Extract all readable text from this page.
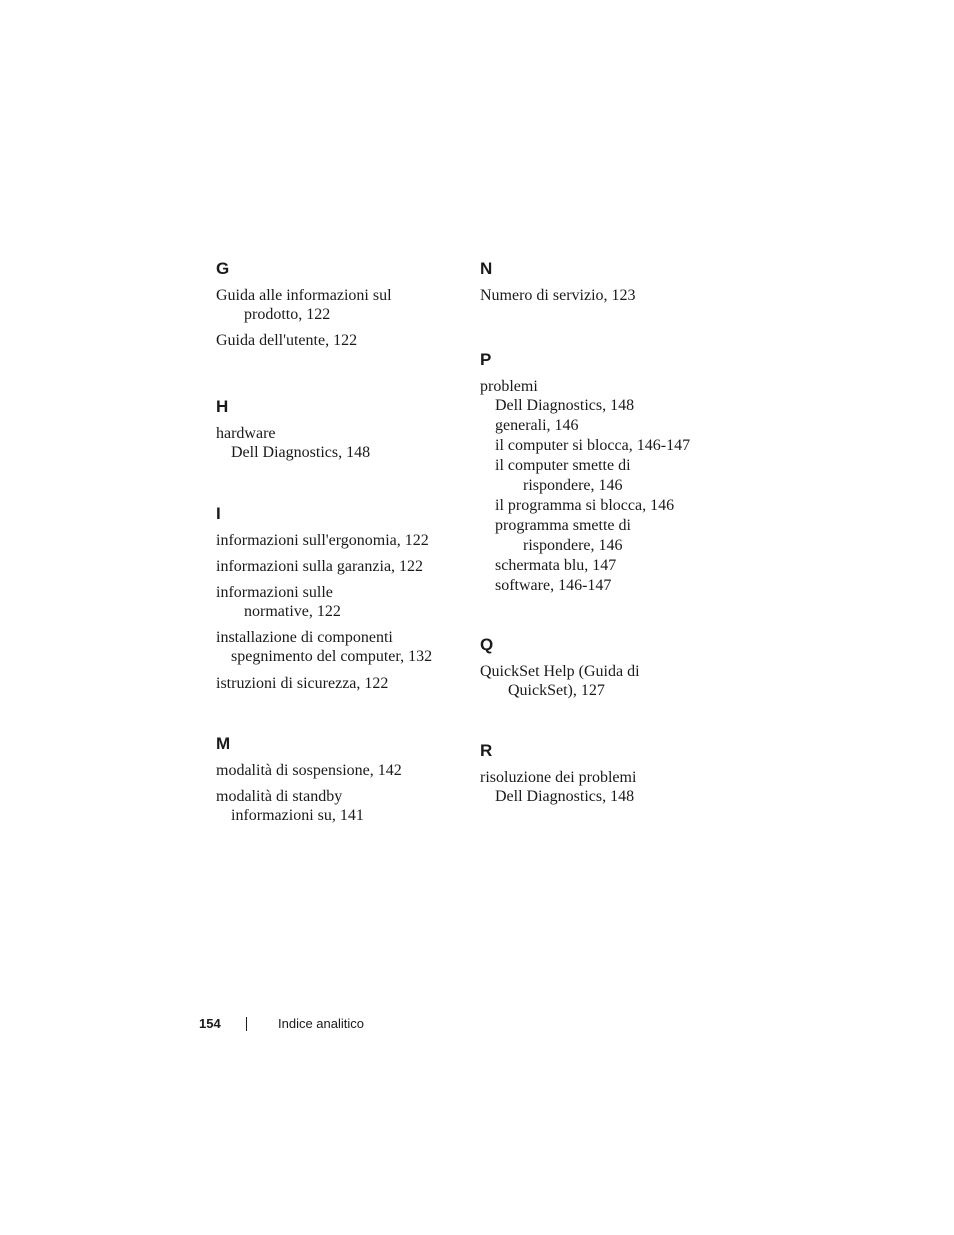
G
Guida alle informazioni sul
prodotto, 122
Guida dell'utente, 122
H
hardware
Dell Diagnostics, 148
I
informazioni sull'ergonomia, 122
informazioni sulla garanzia, 122
informazioni sulle
normative, 122
installazione di componenti
spegnimento del computer, 132
istruzioni di sicurezza, 122
M
modalità di sospensione, 142
modalità di standby
informazioni su, 141
N
Numero di servizio, 123
P
problemi
Dell Diagnostics, 148
generali, 146
il computer si blocca, 146-147
il computer smette di
rispondere, 146
il programma si blocca, 146
programma smette di
rispondere, 146
schermata blu, 147
software, 146-147
Q
QuickSet Help (Guida di
QuickSet), 127
R
risoluzione dei problemi
Dell Diagnostics, 148
154	Indice analitico
